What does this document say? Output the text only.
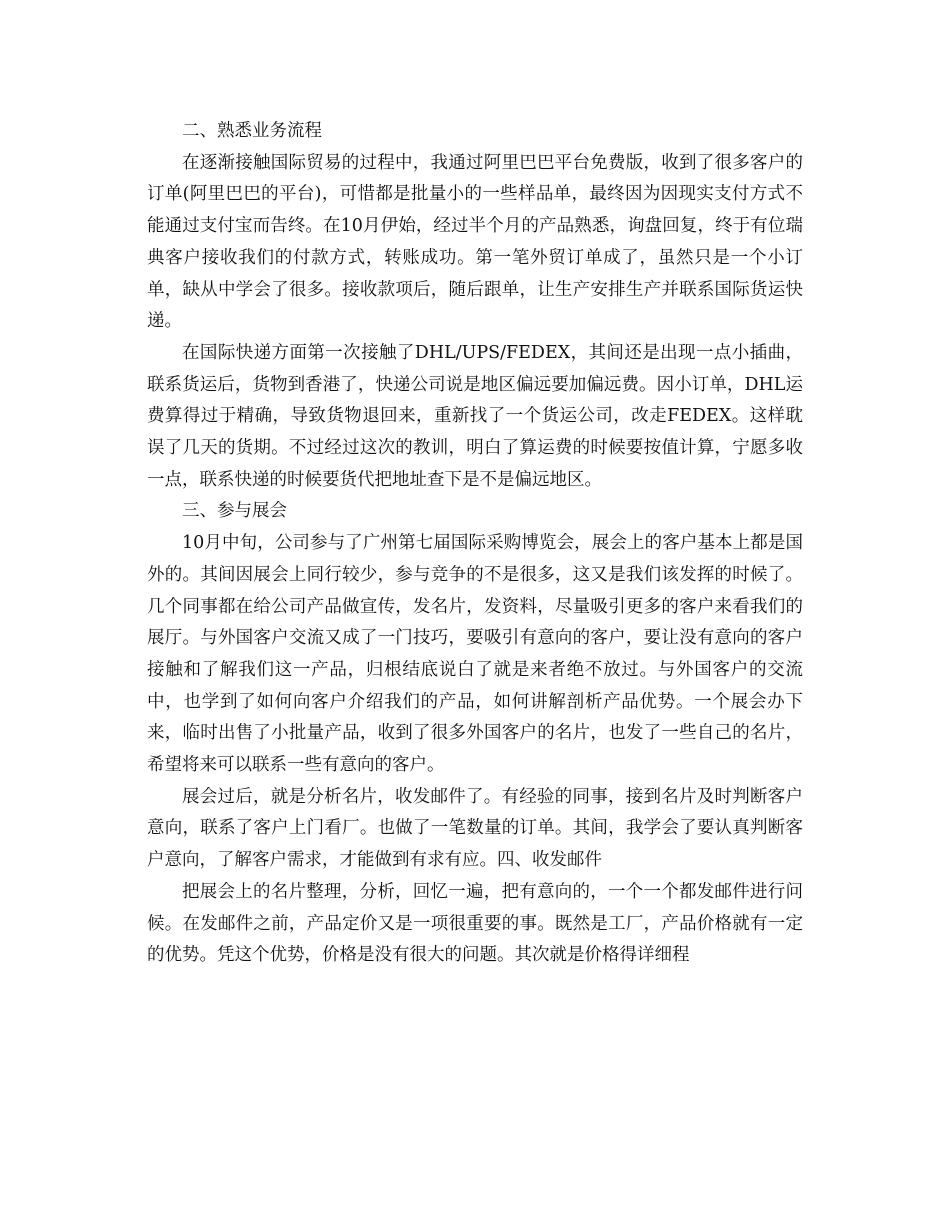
二、熟悉业务流程

在逐渐接触国际贸易的过程中，我通过阿里巴巴平台免费版，收到了很多客户的订单(阿里巴巴的平台)，可惜都是批量小的一些样品单，最终因为因现实支付方式不能通过支付宝而告终。在10月伊始，经过半个月的产品熟悉，询盘回复，终于有位瑞典客户接收我们的付款方式，转账成功。第一笔外贸订单成了，虽然只是一个小订单，缺从中学会了很多。接收款项后，随后跟单，让生产安排生产并联系国际货运快递。

在国际快递方面第一次接触了DHL/UPS/FEDEX，其间还是出现一点小插曲，联系货运后，货物到香港了，快递公司说是地区偏远要加偏远费。因小订单，DHL运费算得过于精确，导致货物退回来，重新找了一个货运公司，改走FEDEX。这样耽误了几天的货期。不过经过这次的教训，明白了算运费的时候要按值计算，宁愿多收一点，联系快递的时候要货代把地址查下是不是偏远地区。

三、参与展会

10月中旬，公司参与了广州第七届国际采购博览会，展会上的客户基本上都是国外的。其间因展会上同行较少，参与竞争的不是很多，这又是我们该发挥的时候了。几个同事都在给公司产品做宣传，发名片，发资料，尽量吸引更多的客户来看我们的展厅。与外国客户交流又成了一门技巧，要吸引有意向的客户，要让没有意向的客户接触和了解我们这一产品，归根结底说白了就是来者绝不放过。与外国客户的交流中，也学到了如何向客户介绍我们的产品，如何讲解剖析产品优势。一个展会办下来，临时出售了小批量产品，收到了很多外国客户的名片，也发了一些自己的名片，希望将来可以联系一些有意向的客户。

展会过后，就是分析名片，收发邮件了。有经验的同事，接到名片及时判断客户意向，联系了客户上门看厂。也做了一笔数量的订单。其间，我学会了要认真判断客户意向，了解客户需求，才能做到有求有应。四、收发邮件

把展会上的名片整理，分析，回忆一遍，把有意向的，一个一个都发邮件进行问候。在发邮件之前，产品定价又是一项很重要的事。既然是工厂，产品价格就有一定的优势。凭这个优势，价格是没有很大的问题。其次就是价格得详细程
